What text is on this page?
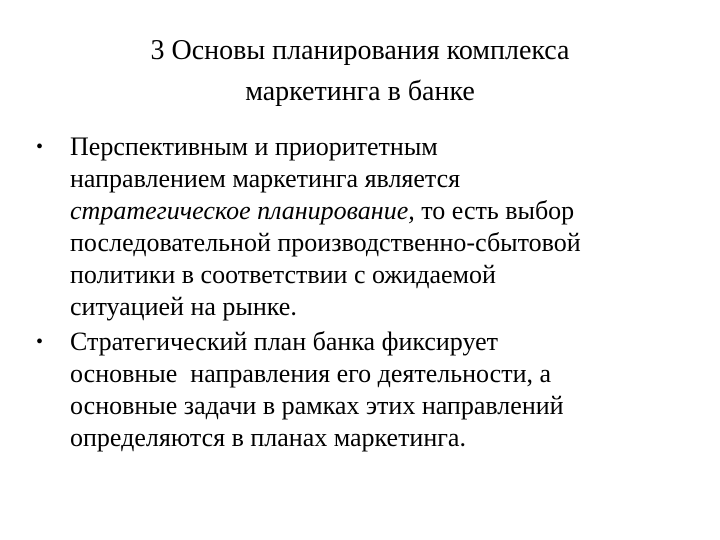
3 Основы планирования комплекса
маркетинга в банке
•	Перспективным и приоритетным
направлением маркетинга является
стратегическое планирование, то есть выбор
последовательной производственно-сбытовой
политики в соответствии с ожидаемой
ситуацией на рынке.
•	Стратегический план банка фиксирует
основные  направления его деятельности, а
основные задачи в рамках этих направлений
определяются в планах маркетинга.
